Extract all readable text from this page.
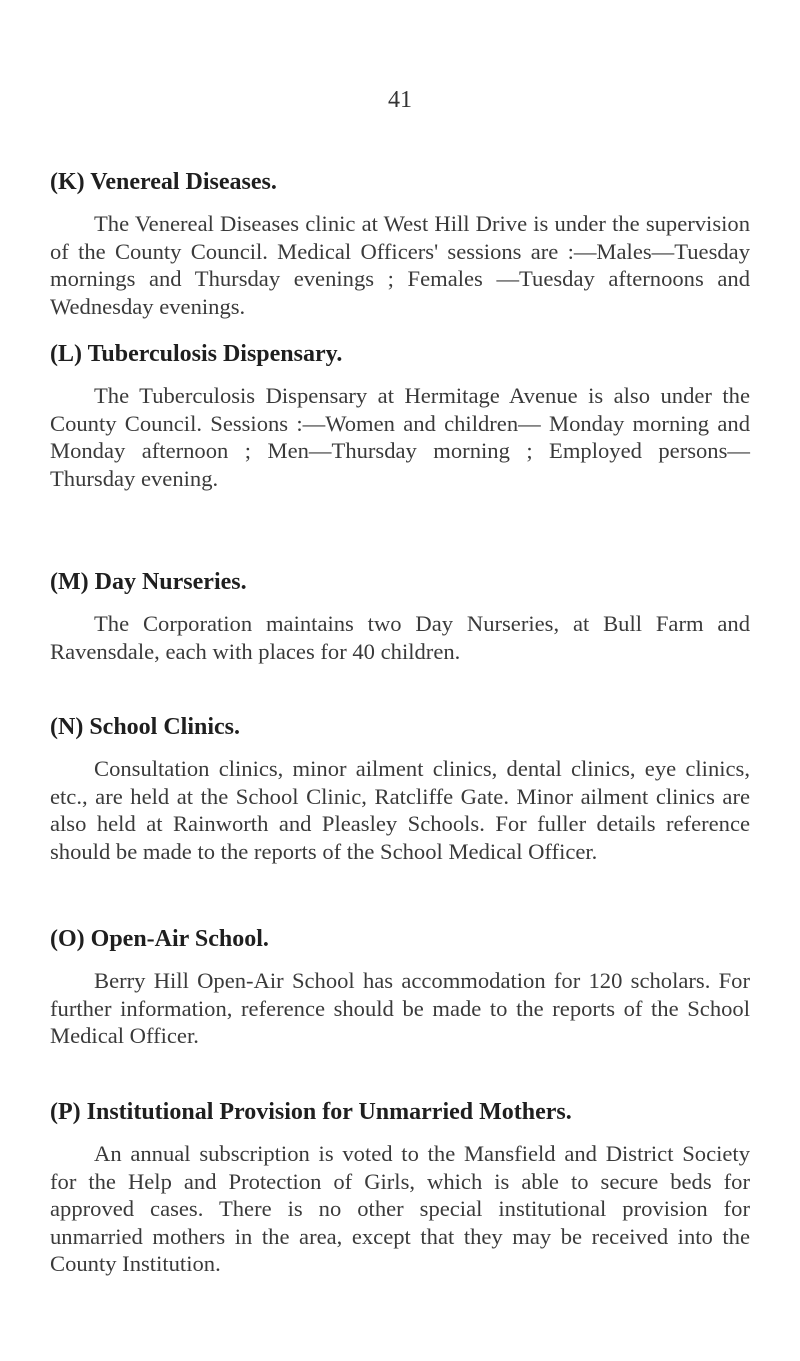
41
(K) Venereal Diseases.

The Venereal Diseases clinic at West Hill Drive is under the supervision of the County Council. Medical Officers' sessions are :—Males—Tuesday mornings and Thursday evenings ; Females —Tuesday afternoons and Wednesday evenings.

(L) Tuberculosis Dispensary.

The Tuberculosis Dispensary at Hermitage Avenue is also under the County Council. Sessions :—Women and children— Monday morning and Monday afternoon ; Men—Thursday morning ; Employed persons—Thursday evening.

(M) Day Nurseries.

The Corporation maintains two Day Nurseries, at Bull Farm and Ravensdale, each with places for 40 children.

(N) School Clinics.

Consultation clinics, minor ailment clinics, dental clinics, eye clinics, etc., are held at the School Clinic, Ratcliffe Gate. Minor ailment clinics are also held at Rainworth and Pleasley Schools. For fuller details reference should be made to the reports of the School Medical Officer.

(O) Open-Air School.

Berry Hill Open-Air School has accommodation for 120 scholars. For further information, reference should be made to the reports of the School Medical Officer.

(P) Institutional Provision for Unmarried Mothers.

An annual subscription is voted to the Mansfield and District Society for the Help and Protection of Girls, which is able to secure beds for approved cases. There is no other special institutional provision for unmarried mothers in the area, except that they may be received into the County Institution.
